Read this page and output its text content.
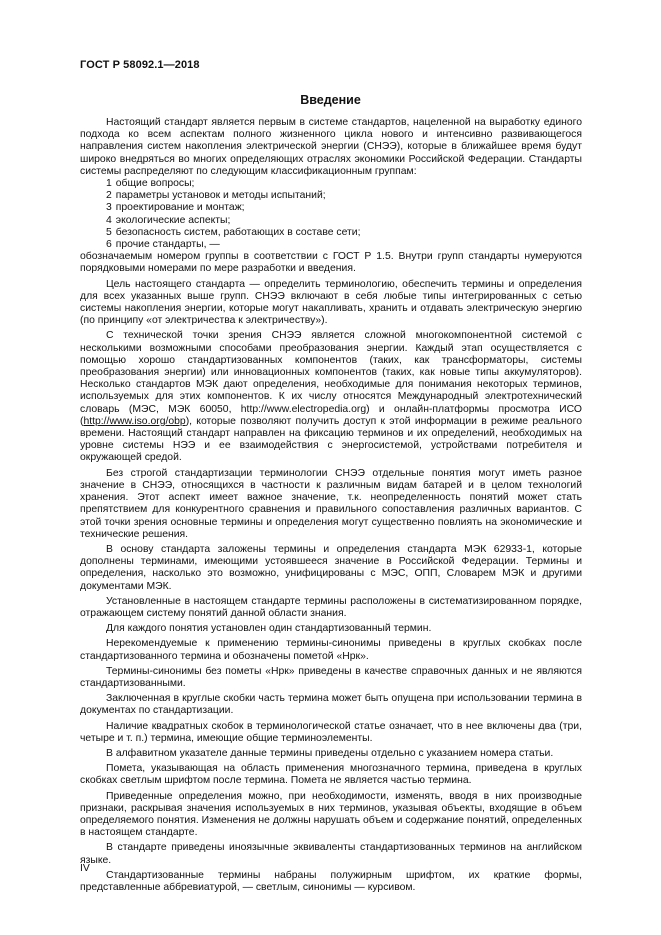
ГОСТ Р 58092.1—2018
Введение

Настоящий стандарт является первым в системе стандартов, нацеленной на выработку единого подхода ко всем аспектам полного жизненного цикла нового и интенсивно развивающегося направления систем накопления электрической энергии (СНЭЭ), которые в ближайшее время будут широко внедряться во многих определяющих отраслях экономики Российской Федерации. Стандарты системы распределяют по следующим классификационным группам:

1 общие вопросы;
2 параметры установок и методы испытаний;
3 проектирование и монтаж;
4 экологические аспекты;
5 безопасность систем, работающих в составе сети;
6 прочие стандарты, —

обозначаемым номером группы в соответствии с ГОСТ Р 1.5. Внутри групп стандарты нумеруются порядковыми номерами по мере разработки и введения.

Цель настоящего стандарта — определить терминологию, обеспечить термины и определения для всех указанных выше групп. СНЭЭ включают в себя любые типы интегрированных с сетью системы накопления энергии, которые могут накапливать, хранить и отдавать электрическую энергию (по принципу «от электричества к электричеству»).

С технической точки зрения СНЭЭ является сложной многокомпонентной системой с несколькими возможными способами преобразования энергии. Каждый этап осуществляется с помощью хорошо стандартизованных компонентов (таких, как трансформаторы, системы преобразования энергии) или инновационных компонентов (таких, как новые типы аккумуляторов). Несколько стандартов МЭК дают определения, необходимые для понимания некоторых терминов, используемых для этих компонентов. К их числу относятся Международный электротехнический словарь (МЭС, МЭК 60050, http://www.electropedia.org) и онлайн-платформы просмотра ИСО (http://www.iso.org/obp), которые позволяют получить доступ к этой информации в режиме реального времени. Настоящий стандарт направлен на фиксацию терминов и их определений, необходимых на уровне системы НЭЭ и ее взаимодействия с энергосистемой, устройствами потребителя и окружающей средой.

Без строгой стандартизации терминологии СНЭЭ отдельные понятия могут иметь разное значение в СНЭЭ, относящихся в частности к различным видам батарей и в целом технологий хранения. Этот аспект имеет важное значение, т.к. неопределенность понятий может стать препятствием для конкурентного сравнения и правильного сопоставления различных вариантов. С этой точки зрения основные термины и определения могут существенно повлиять на экономические и технические решения.

В основу стандарта заложены термины и определения стандарта МЭК 62933-1, которые дополнены терминами, имеющими устоявшееся значение в Российской Федерации. Термины и определения, насколько это возможно, унифицированы с МЭС, ОПП, Словарем МЭК и другими документами МЭК.

Установленные в настоящем стандарте термины расположены в систематизированном порядке, отражающем систему понятий данной области знания.

Для каждого понятия установлен один стандартизованный термин.

Нерекомендуемые к применению термины-синонимы приведены в круглых скобках после стандартизованного термина и обозначены пометой «Нрк».

Термины-синонимы без пометы «Нрк» приведены в качестве справочных данных и не являются стандартизованными.

Заключенная в круглые скобки часть термина может быть опущена при использовании термина в документах по стандартизации.

Наличие квадратных скобок в терминологической статье означает, что в нее включены два (три, четыре и т. п.) термина, имеющие общие терминоэлементы.

В алфавитном указателе данные термины приведены отдельно с указанием номера статьи.

Помета, указывающая на область применения многозначного термина, приведена в круглых скобках светлым шрифтом после термина. Помета не является частью термина.

Приведенные определения можно, при необходимости, изменять, вводя в них производные признаки, раскрывая значения используемых в них терминов, указывая объекты, входящие в объем определяемого понятия. Изменения не должны нарушать объем и содержание понятий, определенных в настоящем стандарте.

В стандарте приведены иноязычные эквиваленты стандартизованных терминов на английском языке.

Стандартизованные термины набраны полужирным шрифтом, их краткие формы, представленные аббревиатурой, — светлым, синонимы — курсивом.

IV
